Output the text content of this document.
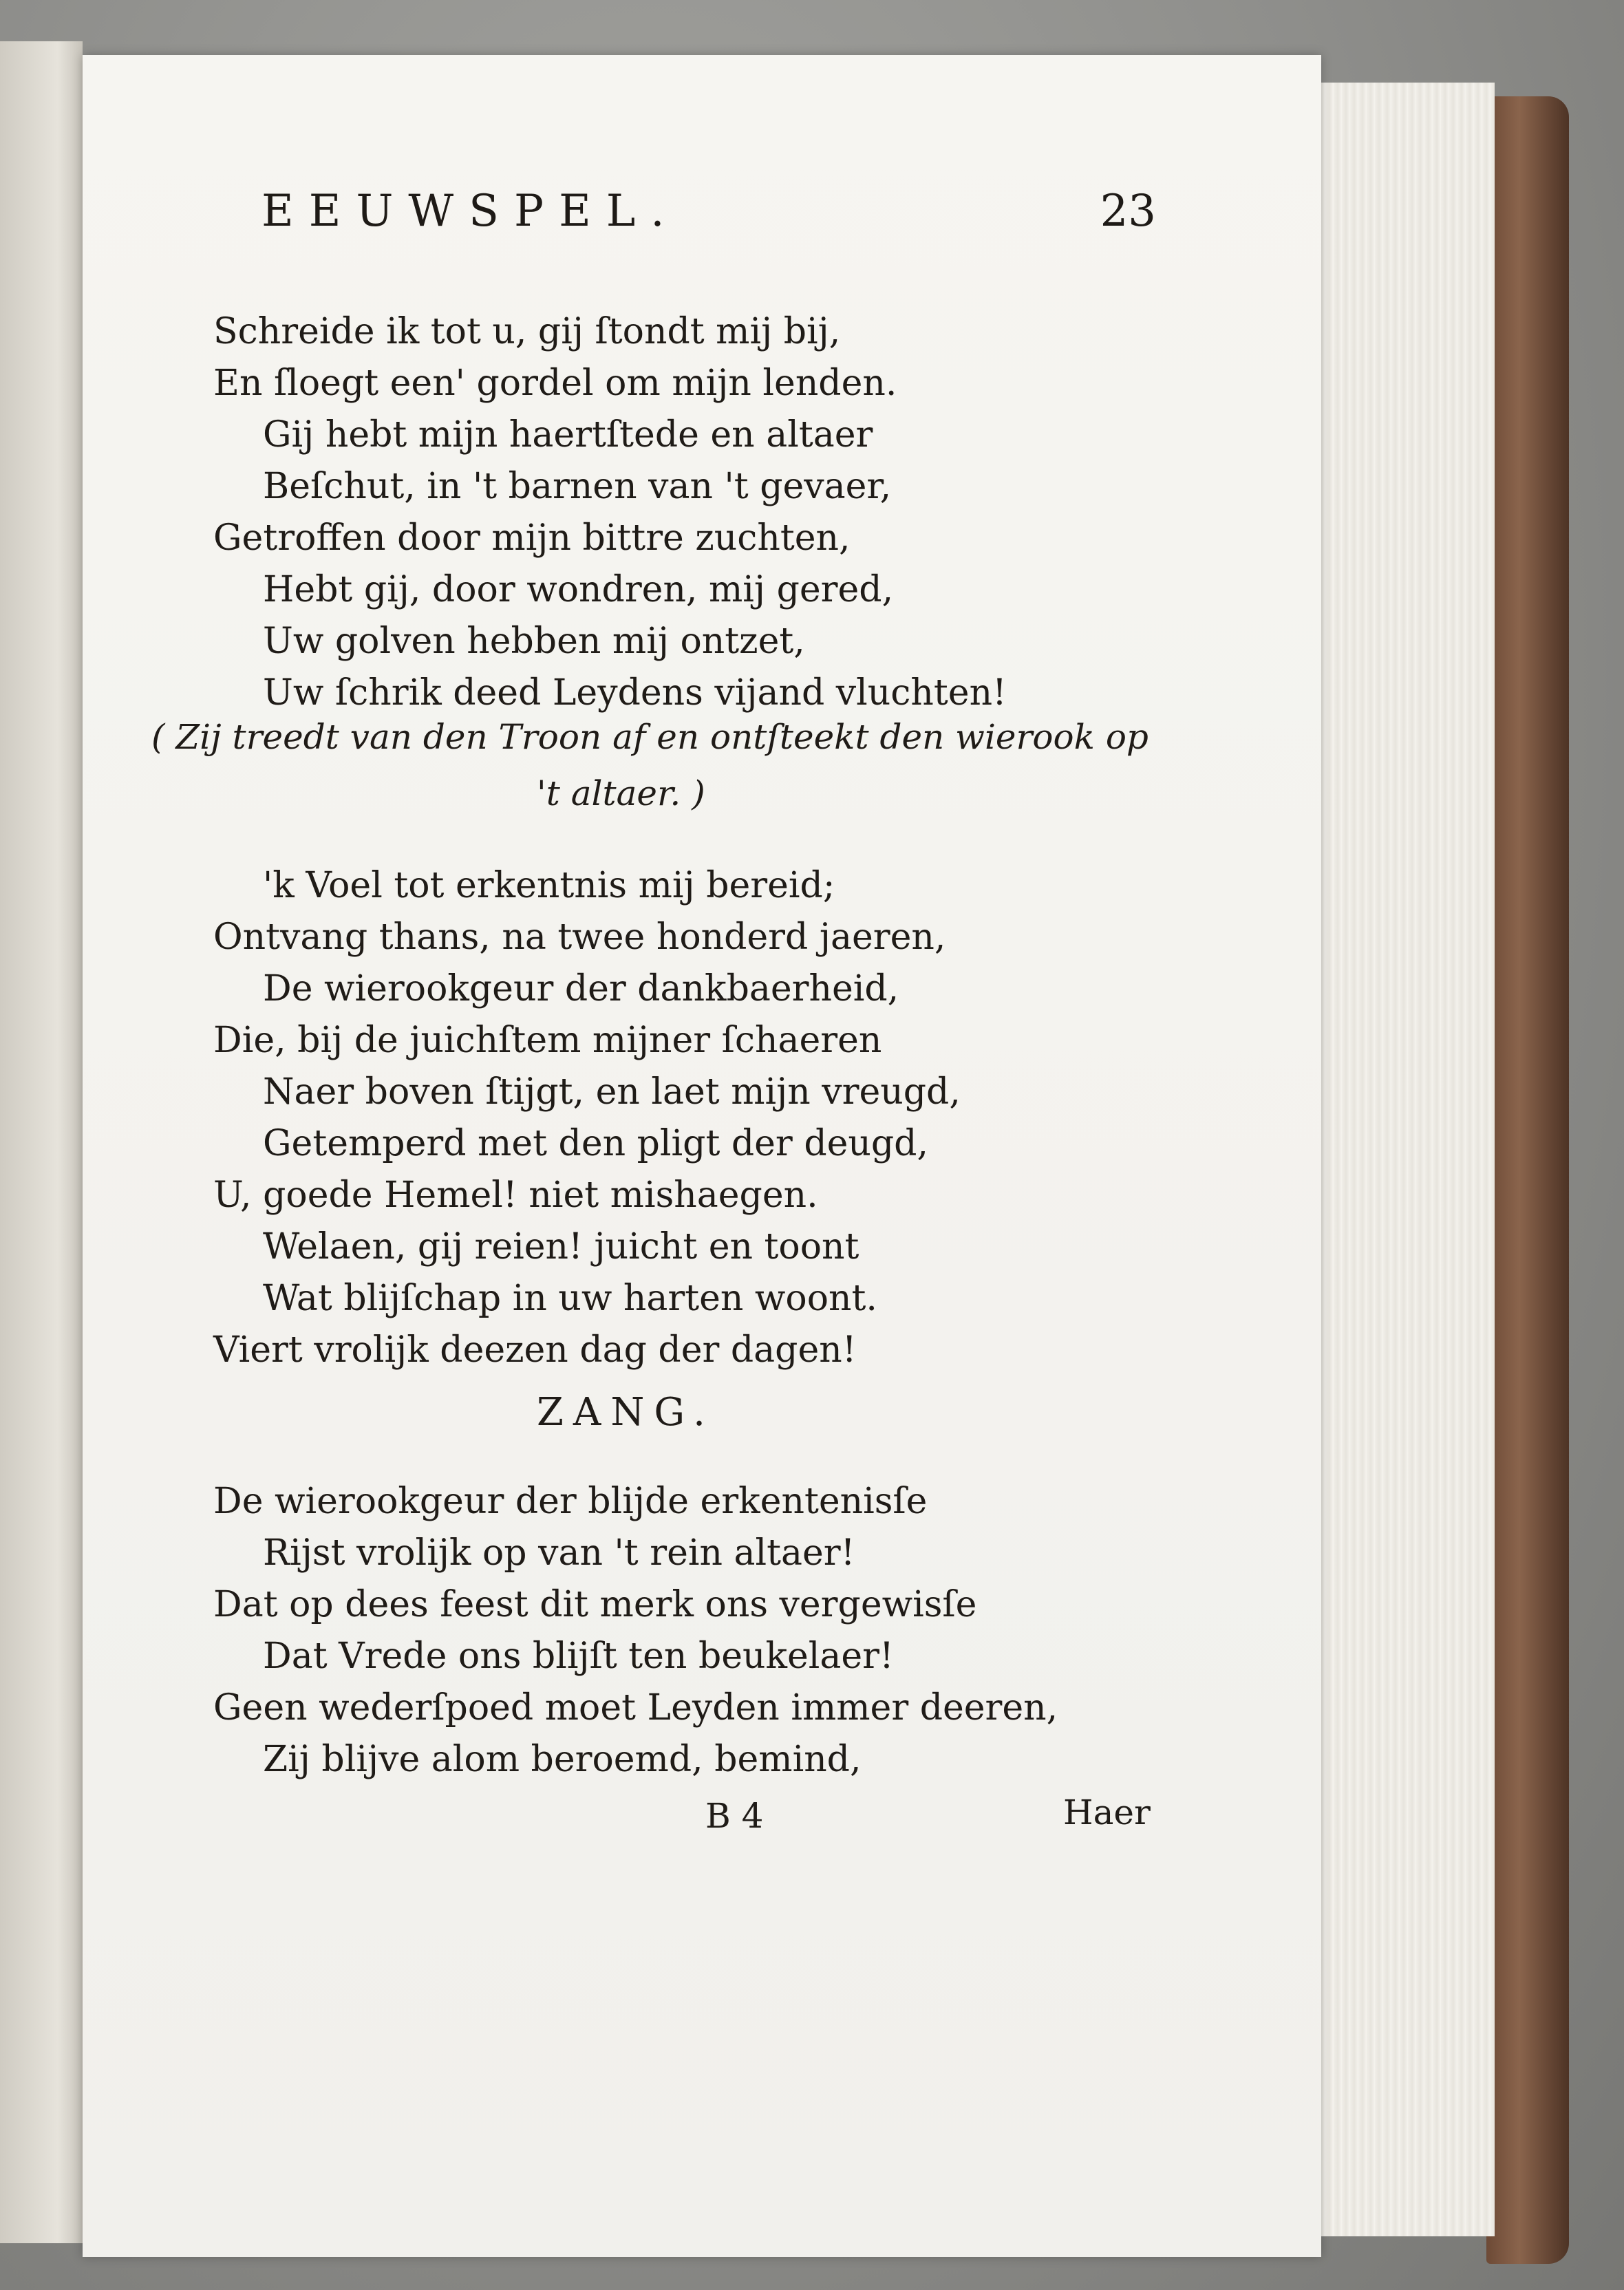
EEUWSPEL.	23
Schreide ik tot u, gij ſtondt mij bij,
En ſloegt een' gordel om mijn lenden.
Gij hebt mijn haertſtede en altaer
Beſchut, in 't barnen van 't gevaer,
Getroffen door mijn bittre zuchten,
Hebt gij, door wondren, mij gered,
Uw golven hebben mij ontzet,
Uw ſchrik deed Leydens vijand vluchten!
( Zij treedt van den Troon af en ontſteekt den wierook op
't altaer. )
'k Voel tot erkentnis mij bereid;
Ontvang thans, na twee honderd jaeren,
De wierookgeur der dankbaerheid,
Die, bij de juichſtem mijner ſchaeren
Naer boven ſtijgt, en laet mijn vreugd,
Getemperd met den pligt der deugd,
U, goede Hemel! niet mishaegen.
Welaen, gij reien! juicht en toont
Wat blijſchap in uw harten woont.
Viert vrolijk deezen dag der dagen!
ZANG.
De wierookgeur der blijde erkentenisſe
Rijst vrolijk op van 't rein altaer!
Dat op dees feest dit merk ons vergewisſe
Dat Vrede ons blijſt ten beukelaer!
Geen wederſpoed moet Leyden immer deeren,
Zij blijve alom beroemd, bemind,
B 4	Haer
